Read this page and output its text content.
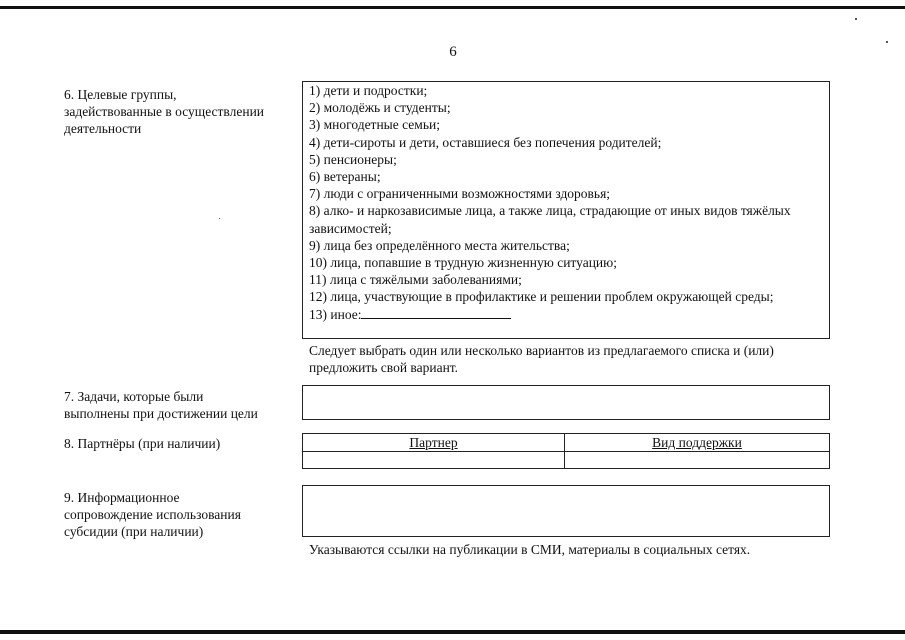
6
6. Целевые группы,
задействованные в осуществлении
деятельности
1) дети и подростки;
2) молодёжь и студенты;
3) многодетные семьи;
4) дети-сироты и дети, оставшиеся без попечения родителей;
5) пенсионеры;
6) ветераны;
7) люди с ограниченными возможностями здоровья;
8) алко- и наркозависимые лица, а также лица, страдающие от иных видов тяжёлых зависимостей;
9) лица без определённого места жительства;
10) лица, попавшие в трудную жизненную ситуацию;
11) лица с тяжёлыми заболеваниями;
12) лица, участвующие в профилактике и решении проблем окружающей среды;
13) иное:
Следует выбрать один или несколько вариантов из предлагаемого списка и (или) предложить свой вариант.
7. Задачи, которые были
выполнены при достижении цели
8. Партнёры (при наличии)	Партнер	Вид поддержки

9. Информационное
сопровождение использования
субсидии (при наличии)
Указываются ссылки на публикации в СМИ, материалы в социальных сетях.
